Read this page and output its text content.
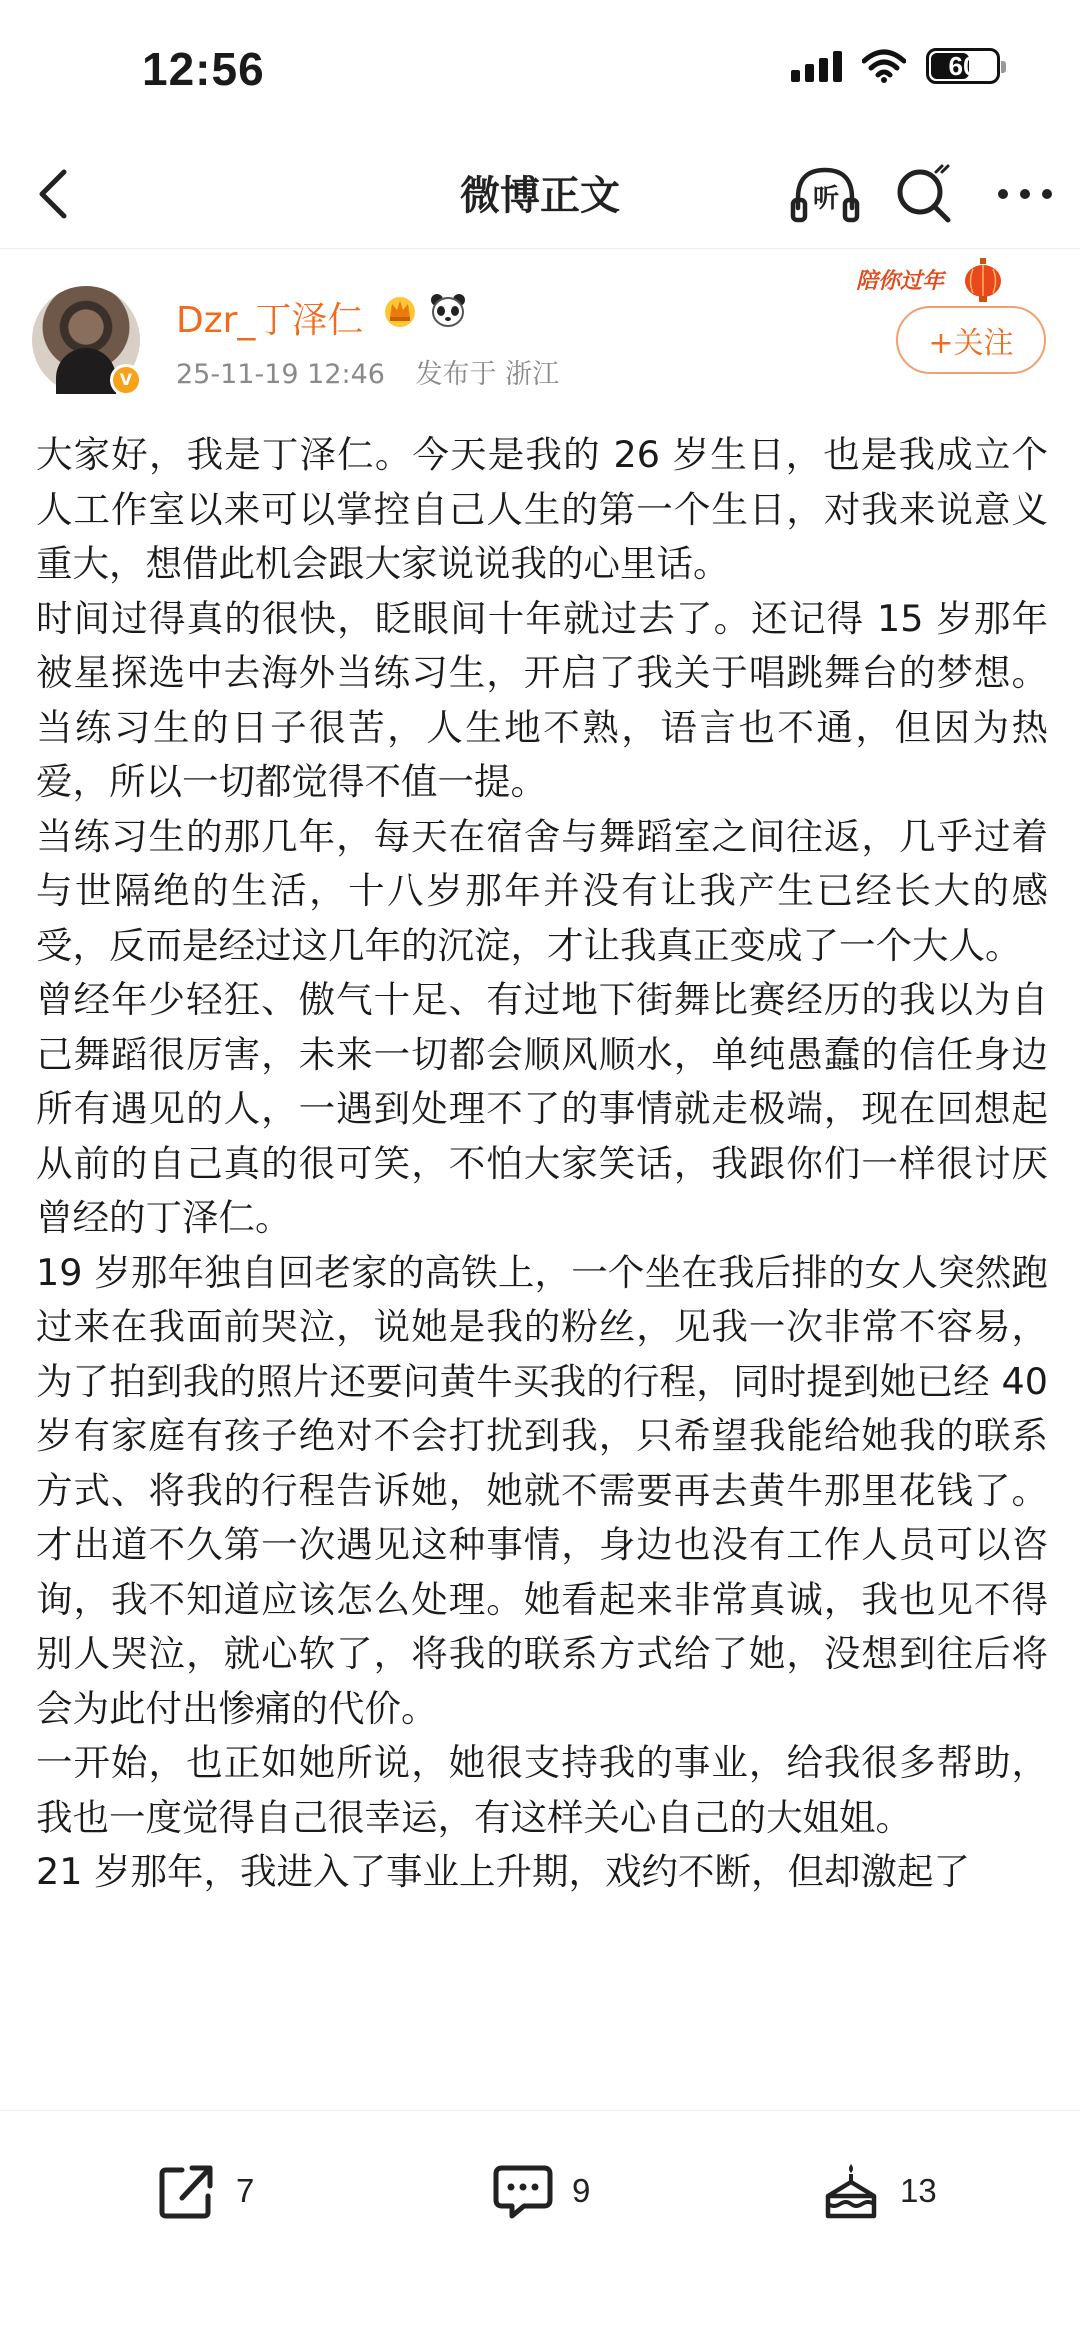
12:56	60
微博正文	听
V
Dzr_丁泽仁
25-11-19 12:46 发布于 浙江
陪你过年
+关注

大家好，我是丁泽仁。今天是我的 26 岁生日，也是我成立个人工作室以来可以掌控自己人生的第一个生日，对我来说意义重大，想借此机会跟大家说说我的心里话。

时间过得真的很快，眨眼间十年就过去了。还记得 15 岁那年被星探选中去海外当练习生，开启了我关于唱跳舞台的梦想。当练习生的日子很苦，人生地不熟，语言也不通，但因为热爱，所以一切都觉得不值一提。

当练习生的那几年，每天在宿舍与舞蹈室之间往返，几乎过着与世隔绝的生活，十八岁那年并没有让我产生已经长大的感受，反而是经过这几年的沉淀，才让我真正变成了一个大人。

曾经年少轻狂、傲气十足、有过地下街舞比赛经历的我以为自己舞蹈很厉害，未来一切都会顺风顺水，单纯愚蠢的信任身边所有遇见的人，一遇到处理不了的事情就走极端，现在回想起从前的自己真的很可笑，不怕大家笑话，我跟你们一样很讨厌曾经的丁泽仁。

19 岁那年独自回老家的高铁上，一个坐在我后排的女人突然跑过来在我面前哭泣，说她是我的粉丝，见我一次非常不容易，为了拍到我的照片还要问黄牛买我的行程，同时提到她已经 40 岁有家庭有孩子绝对不会打扰到我，只希望我能给她我的联系方式、将我的行程告诉她，她就不需要再去黄牛那里花钱了。才出道不久第一次遇见这种事情，身边也没有工作人员可以咨询，我不知道应该怎么处理。她看起来非常真诚，我也见不得别人哭泣，就心软了，将我的联系方式给了她，没想到往后将会为此付出惨痛的代价。

一开始，也正如她所说，她很支持我的事业，给我很多帮助，我也一度觉得自己很幸运，有这样关心自己的大姐姐。

21 岁那年，我进入了事业上升期，戏约不断，但却激起了

7	9	13
